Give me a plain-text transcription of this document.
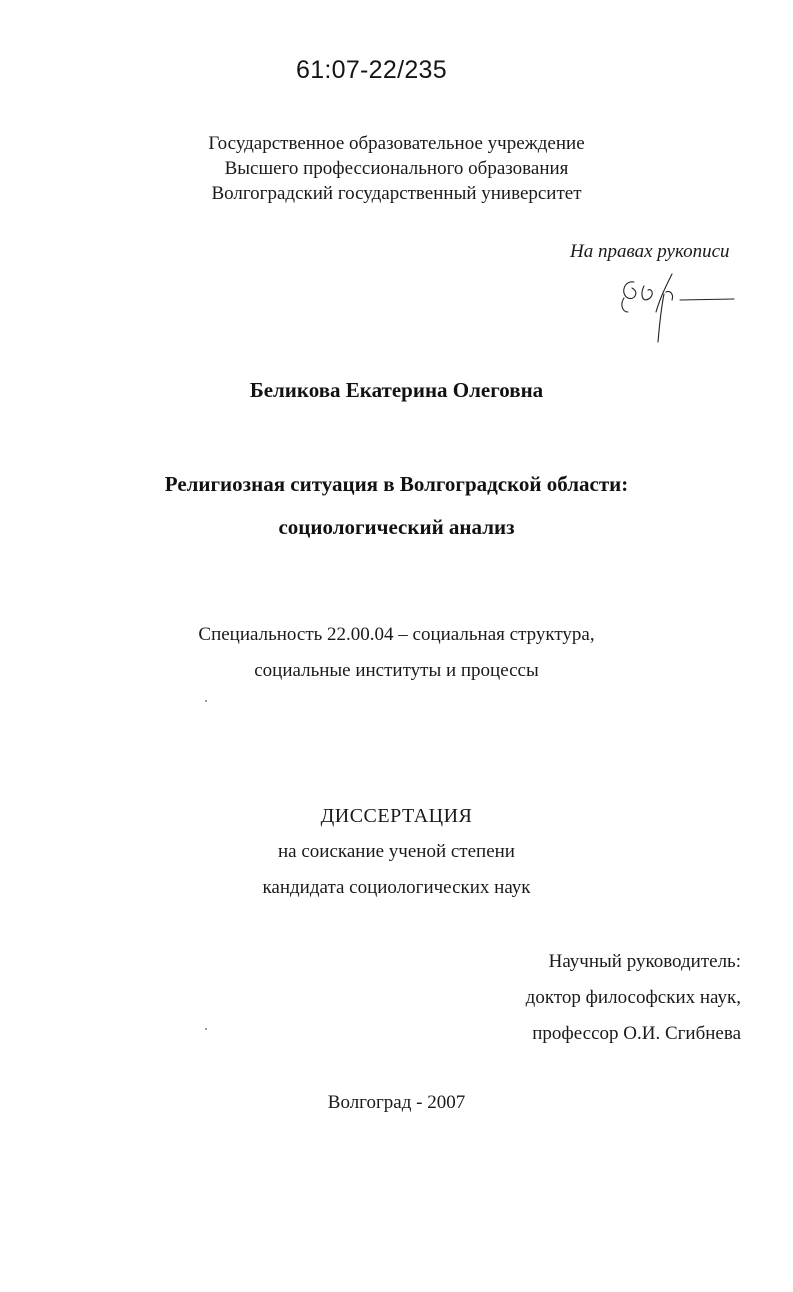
61:07-22/235
Государственное образовательное учреждение
Высшего профессионального образования
Волгоградский государственный университет
На правах рукописи
Беликова Екатерина Олеговна
Религиозная ситуация в Волгоградской области:
социологический анализ
Специальность 22.00.04 – социальная структура,
социальные институты и процессы
ДИССЕРТАЦИЯ
на соискание ученой степени
кандидата социологических наук
Научный руководитель:
доктор философских наук,
профессор О.И. Сгибнева
Волгоград - 2007
